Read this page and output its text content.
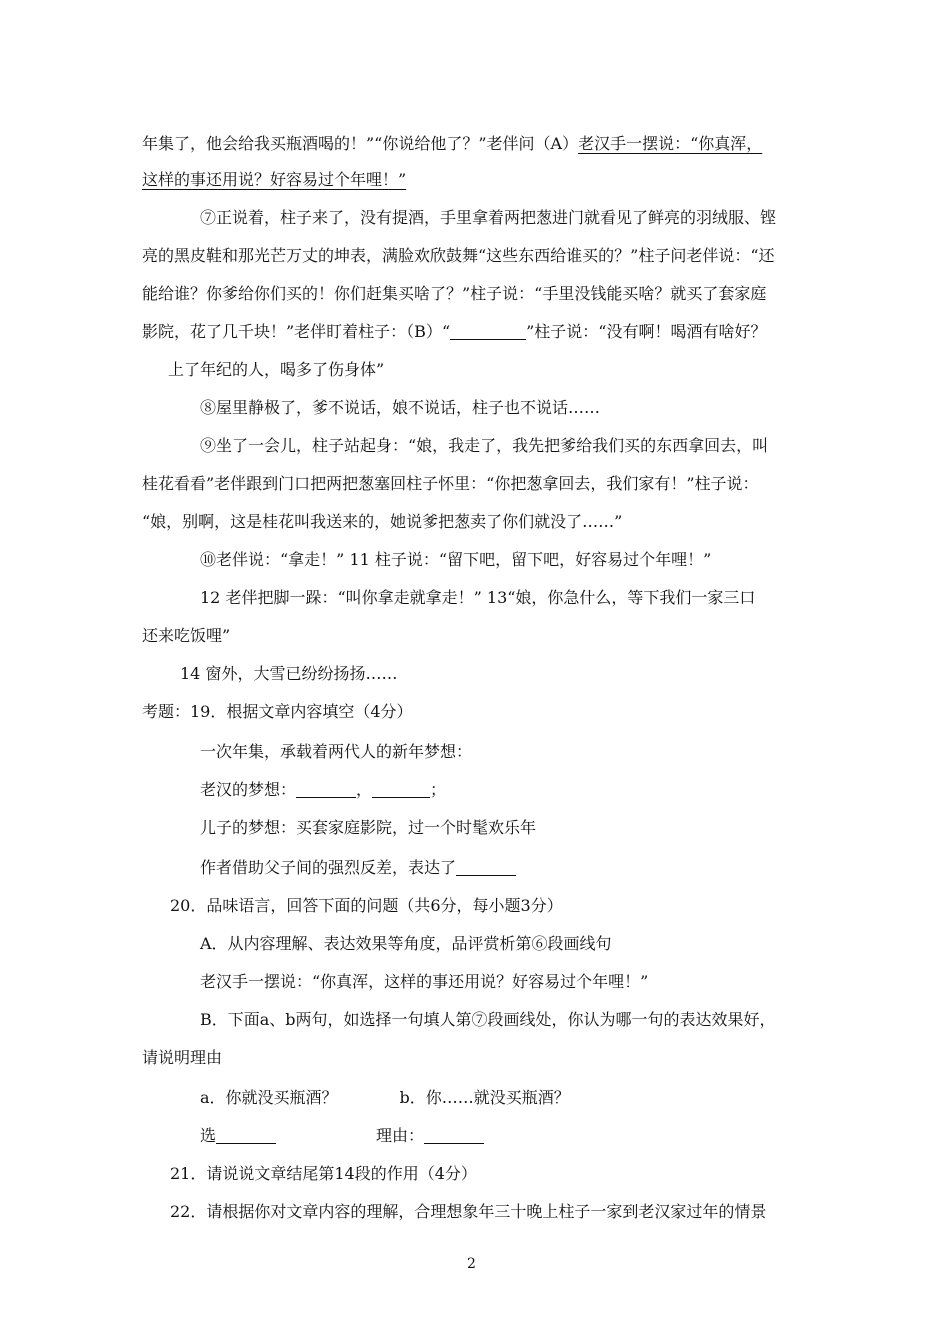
年集了，他会给我买瓶酒喝的！”“你说给他了？”老伴问（A）老汉手一摆说：“你真浑，
这样的事还用说？好容易过个年哩！”
⑦正说着，柱子来了，没有提酒，手里拿着两把葱进门就看见了鲜亮的羽绒服、铿
亮的黑皮鞋和那光芒万丈的坤表，满脸欢欣鼓舞“这些东西给谁买的？”柱子问老伴说：“还
能给谁？你爹给你们买的！你们赶集买啥了？”柱子说：“手里没钱能买啥？就买了套家庭
影院，花了几千块！”老伴盯着柱子：（B）“	”柱子说：“没有啊！喝酒有啥好？
上了年纪的人，喝多了伤身体”
⑧屋里静极了，爹不说话，娘不说话，柱子也不说话……
⑨坐了一会儿，柱子站起身：“娘，我走了，我先把爹给我们买的东西拿回去，叫
桂花看看”老伴跟到门口把两把葱塞回柱子怀里：“你把葱拿回去，我们家有！”柱子说：
“娘，别啊，这是桂花叫我送来的，她说爹把葱卖了你们就没了……”
⑩老伴说：“拿走！” 11 柱子说：“留下吧，留下吧，好容易过个年哩！”
12 老伴把脚一跺：“叫你拿走就拿走！” 13“娘，你急什么，等下我们一家三口
还来吃饭哩”
14 窗外，大雪已纷纷扬扬……
考题：19．根据文章内容填空（4分）
一次年集，承载着两代人的新年梦想：
老汉的梦想：	，	；
儿子的梦想：买套家庭影院，过一个时髦欢乐年
作者借助父子间的强烈反差，表达了
20．品味语言，回答下面的问题（共6分，每小题3分）
A．从内容理解、表达效果等角度，品评赏析第⑥段画线句
老汉手一摆说：“你真浑，这样的事还用说？好容易过个年哩！”
B．下面a、b两句，如选择一句填人第⑦段画线处，你认为哪一句的表达效果好，
请说明理由
a．你就没买瓶酒？	b．你……就没买瓶酒？
选	理由：
21．请说说文章结尾第14段的作用（4分）
22．请根据你对文章内容的理解，合理想象年三十晚上柱子一家到老汉家过年的情景
2
